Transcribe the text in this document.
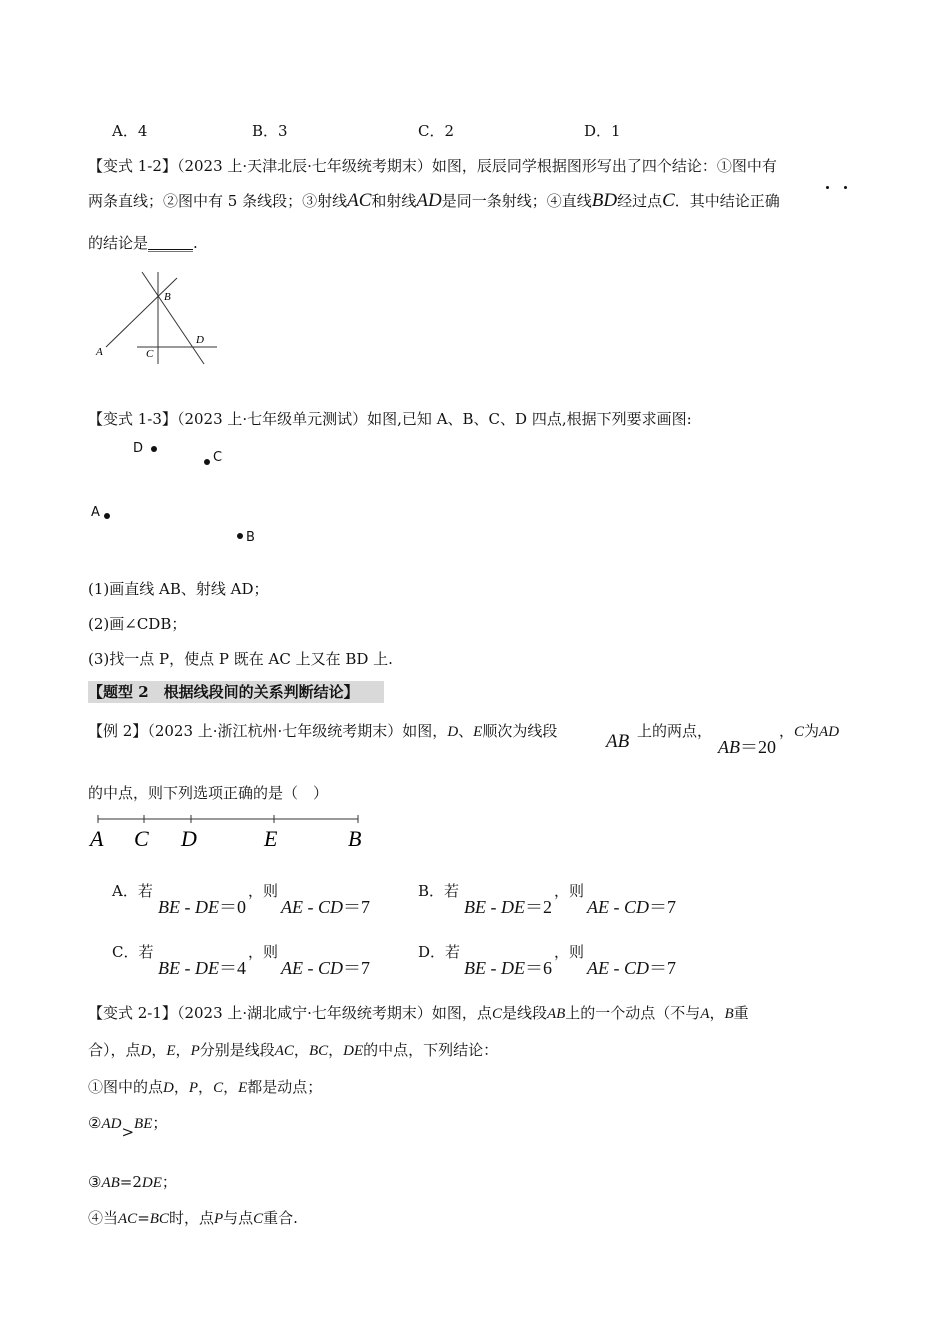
A．4	B．3	C．2	D．1
【变式 1-2】（2023 上·天津北辰·七年级统考期末）如图，辰辰同学根据图形写出了四个结论：①图中有
两条直线；②图中有 5 条线段；③射线AC和射线AD是同一条射线；④直线BD经过点C．其中结论正确
的结论是______.
A
B
C
D
【变式 1-3】（2023 上·七年级单元测试）如图,已知 A、B、C、D 四点,根据下列要求画图:
D
C
A
B
(1)画直线 AB、射线 AD；
(2)画∠CDB；
(3)找一点 P，使点 P 既在 AC 上又在 BD 上.
【题型 2　根据线段间的关系判断结论】
【例 2】（2023 上·浙江杭州·七年级统考期末）如图，D、E顺次为线段	AB 上的两点，
AB＝20
，C为AD
的中点，则下列选项正确的是（　）
A C D	E	B
A．若
BE - DE＝0
，则
AE - CD＝7
B．若
BE - DE＝2
，则
AE - CD＝7
C．若
BE - DE＝4
，则
AE - CD＝7
D．若
BE - DE＝6
，则
AE - CD＝7
【变式 2-1】（2023 上·湖北咸宁·七年级统考期末）如图，点C是线段AB上的一个动点（不与A，B重
合），点D，E，P分别是线段AC，BC，DE的中点，下列结论：
①图中的点D，P，C，E都是动点；
②AD>BE；
③AB=2DE；
④当AC=BC时，点P与点C重合.
